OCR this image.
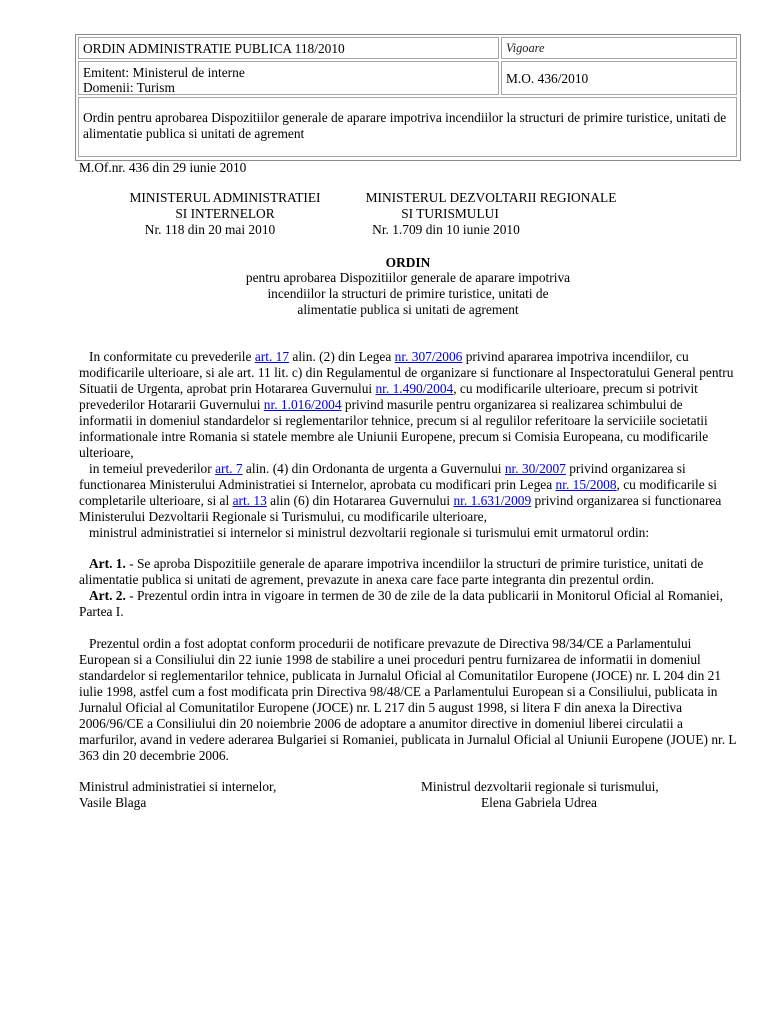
ORDIN ADMINISTRATIE PUBLICA 118/2010	Vigoare
Emitent: Ministerul de interne
Domenii: Turism
M.O. 436/2010
Ordin pentru aprobarea Dispozitiilor generale de aparare impotriva incendiilor la structuri de primire turistice, unitati de alimentatie publica si unitati de agrement
M.Of.nr. 436 din 29 iunie 2010
MINISTERUL ADMINISTRATIEI
SI INTERNELOR
Nr. 118 din 20 mai 2010
MINISTERUL DEZVOLTARII REGIONALE
SI TURISMULUI
Nr. 1.709 din 10 iunie 2010
ORDIN
pentru aprobarea Dispozitiilor generale de aparare impotriva
incendiilor la structuri de primire turistice, unitati de
alimentatie publica si unitati de agrement
In conformitate cu prevederile art. 17 alin. (2) din Legea nr. 307/2006 privind apararea impotriva incendiilor, cu modificarile ulterioare, si ale art. 11 lit. c) din Regulamentul de organizare si functionare al Inspectoratului General pentru Situatii de Urgenta, aprobat prin Hotararea Guvernului nr. 1.490/2004, cu modificarile ulterioare, precum si potrivit prevederilor Hotararii Guvernului nr. 1.016/2004 privind masurile pentru organizarea si realizarea schimbului de informatii in domeniul standardelor si reglementarilor tehnice, precum si al regulilor referitoare la serviciile societatii informationale intre Romania si statele membre ale Uniunii Europene, precum si Comisia Europeana, cu modificarile ulterioare,
in temeiul prevederilor art. 7 alin. (4) din Ordonanta de urgenta a Guvernului nr. 30/2007 privind organizarea si functionarea Ministerului Administratiei si Internelor, aprobata cu modificari prin Legea nr. 15/2008, cu modificarile si completarile ulterioare, si al art. 13 alin (6) din Hotararea Guvernului nr. 1.631/2009 privind organizarea si functionarea Ministerului Dezvoltarii Regionale si Turismului, cu modificarile ulterioare,
ministrul administratiei si internelor si ministrul dezvoltarii regionale si turismului emit urmatorul ordin:
Art. 1. - Se aproba Dispozitiile generale de aparare impotriva incendiilor la structuri de primire turistice, unitati de alimentatie publica si unitati de agrement, prevazute in anexa care face parte integranta din prezentul ordin.
Art. 2. - Prezentul ordin intra in vigoare in termen de 30 de zile de la data publicarii in Monitorul Oficial al Romaniei, Partea I.
Prezentul ordin a fost adoptat conform procedurii de notificare prevazute de Directiva 98/34/CE a Parlamentului European si a Consiliului din 22 iunie 1998 de stabilire a unei proceduri pentru furnizarea de informatii in domeniul standardelor si reglementarilor tehnice, publicata in Jurnalul Oficial al Comunitatilor Europene (JOCE) nr. L 204 din 21 iulie 1998, astfel cum a fost modificata prin Directiva 98/48/CE a Parlamentului European si a Consiliului, publicata in Jurnalul Oficial al Comunitatilor Europene (JOCE) nr. L 217 din 5 august 1998, si litera F din anexa la Directiva 2006/96/CE a Consiliului din 20 noiembrie 2006 de adoptare a anumitor directive in domeniul liberei circulatii a marfurilor, avand in vedere aderarea Bulgariei si Romaniei, publicata in Jurnalul Oficial al Uniunii Europene (JOUE) nr. L 363 din 20 decembrie 2006.
Ministrul administratiei si internelor,
Vasile Blaga
Ministrul dezvoltarii regionale si turismului,
Elena Gabriela Udrea
